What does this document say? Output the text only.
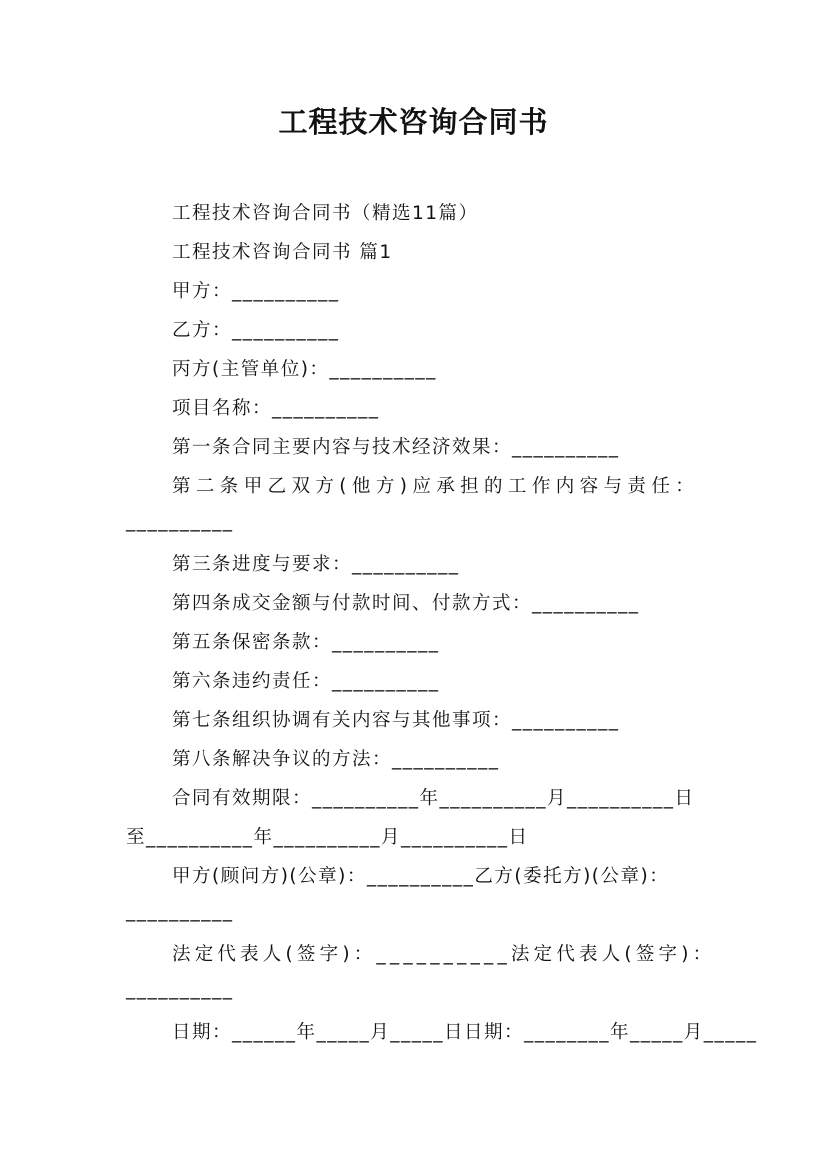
工程技术咨询合同书
工程技术咨询合同书（精选11篇）
工程技术咨询合同书 篇1
甲方：__________
乙方：__________
丙方(主管单位)：__________
项目名称：__________
第一条合同主要内容与技术经济效果：__________
第二条甲乙双方(他方)应承担的工作内容与责任：
__________
第三条进度与要求：__________
第四条成交金额与付款时间、付款方式：__________
第五条保密条款：__________
第六条违约责任：__________
第七条组织协调有关内容与其他事项：__________
第八条解决争议的方法：__________
合同有效期限：__________年__________月__________日
至__________年__________月__________日
甲方(顾问方)(公章)：__________乙方(委托方)(公章)：
__________
法定代表人(签字)：__________法定代表人(签字)：
__________
日期：______年_____月_____日日期：________年_____月_____
